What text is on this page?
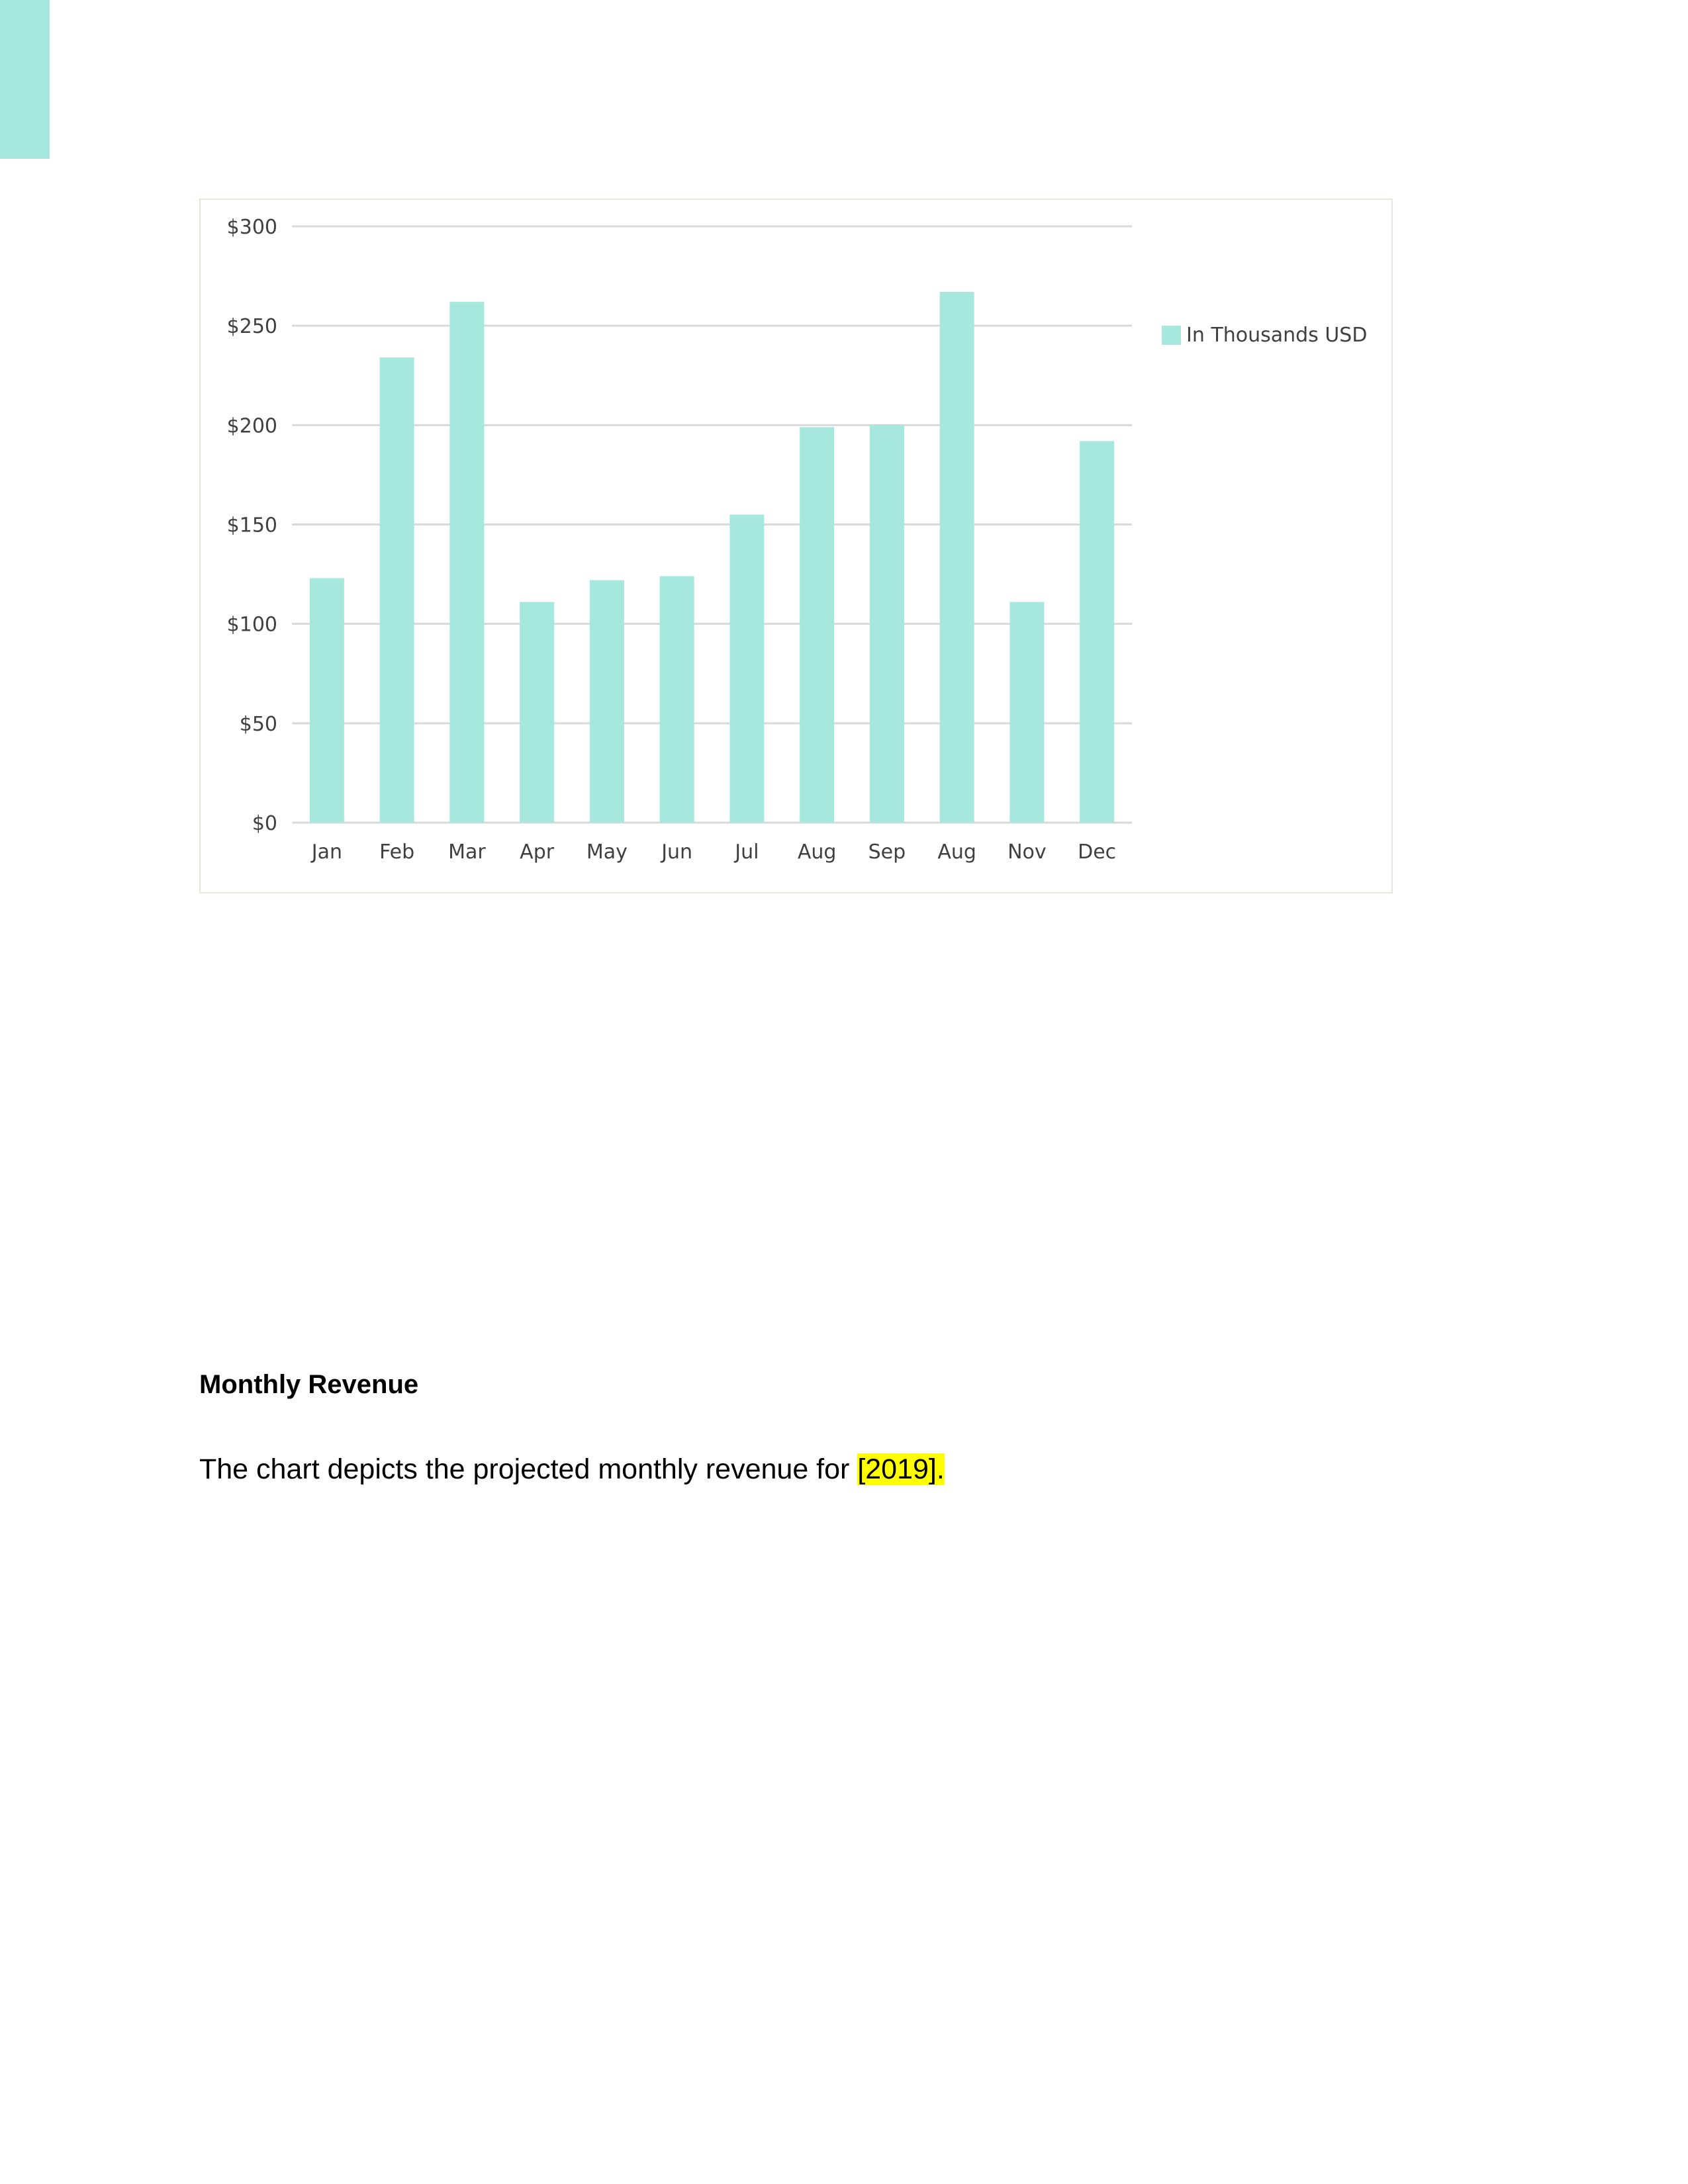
$0
$50
$100
$150
$200
$250
$300
Jan Feb Mar Apr May Jun Jul Aug Sep Aug Nov Dec
In Thousands USD
Monthly Revenue
The chart depicts the projected monthly revenue for [2019].
